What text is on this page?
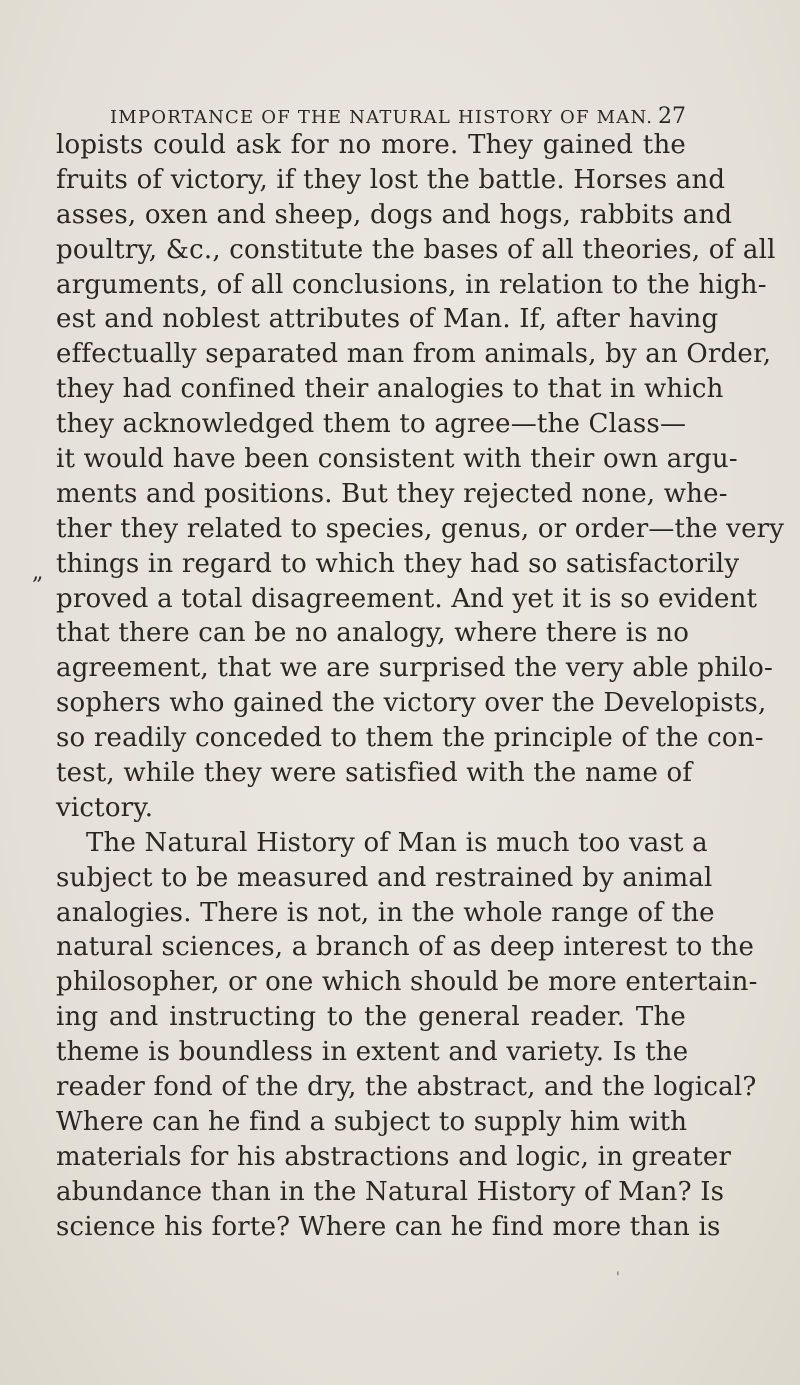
IMPORTANCE OF THE NATURAL HISTORY OF MAN. 27
„
'
lopists could ask for no more. They gained the
fruits of victory, if they lost the battle. Horses and
asses, oxen and sheep, dogs and hogs, rabbits and
poultry, &c., constitute the bases of all theories, of all
arguments, of all conclusions, in relation to the high-
est and noblest attributes of Man. If, after having
effectually separated man from animals, by an Order,
they had confined their analogies to that in which
they acknowledged them to agree—the Class—
it would have been consistent with their own argu-
ments and positions. But they rejected none, whe-
ther they related to species, genus, or order—the very
things in regard to which they had so satisfactorily
proved a total disagreement. And yet it is so evident
that there can be no analogy, where there is no
agreement, that we are surprised the very able philo-
sophers who gained the victory over the Developists,
so readily conceded to them the principle of the con-
test, while they were satisfied with the name of
victory.
The Natural History of Man is much too vast a
subject to be measured and restrained by animal
analogies. There is not, in the whole range of the
natural sciences, a branch of as deep interest to the
philosopher, or one which should be more entertain-
ing and instructing to the general reader. The
theme is boundless in extent and variety. Is the
reader fond of the dry, the abstract, and the logical?
Where can he find a subject to supply him with
materials for his abstractions and logic, in greater
abundance than in the Natural History of Man? Is
science his forte? Where can he find more than is
